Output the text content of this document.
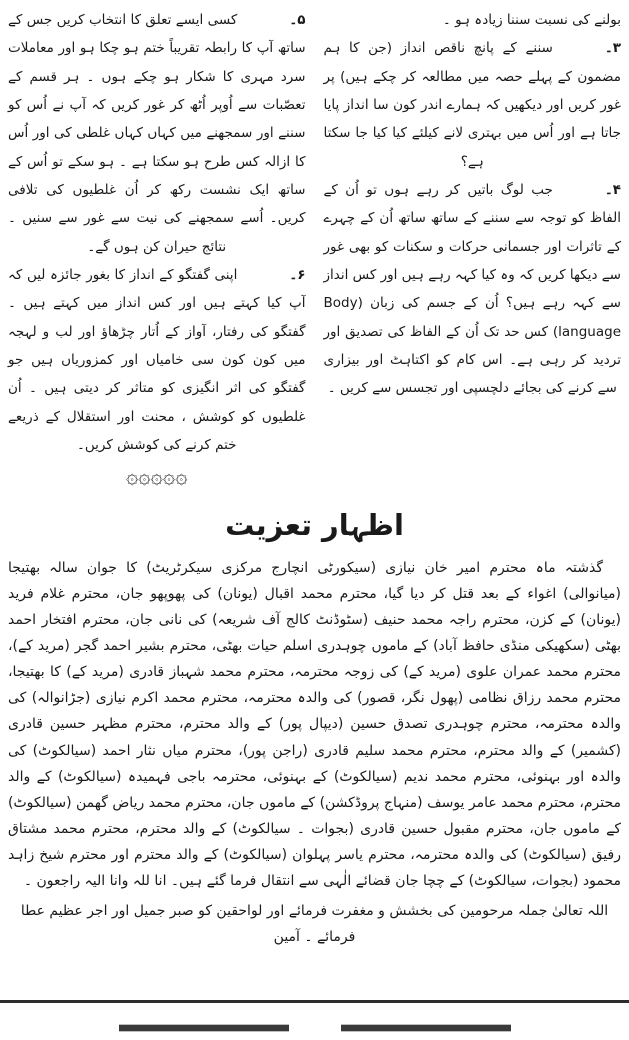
بولنے کی نسبت سننا زیادہ ہو ۔

۳۔سننے کے پانچ ناقص انداز (جن کا ہم مضمون کے پہلے حصہ میں مطالعہ کر چکے ہیں) پر غور کریں اور دیکھیں کہ ہمارے اندر کون سا انداز پایا جاتا ہے اور اُس میں بہتری لانے کیلئے کیا کیا جا سکتا ہے؟

۴۔جب لوگ باتیں کر رہے ہوں تو اُن کے الفاظ کو توجہ سے سننے کے ساتھ ساتھ اُن کے چہرے کے تاثرات اور جسمانی حرکات و سکنات کو بھی غور سے دیکھا کریں کہ وہ کیا کہہ رہے ہیں اور کس انداز سے کہہ رہے ہیں؟ اُن کے جسم کی زبان (Body language) کس حد تک اُن کے الفاظ کی تصدیق اور تردید کر رہی ہے۔ اس کام کو اکتاہٹ اور بیزاری سے کرنے کی بجائے دلچسپی اور تجسس سے کریں ۔

۵۔کسی ایسے تعلق کا انتخاب کریں جس کے ساتھ آپ کا رابطہ تقریباً ختم ہو چکا ہو اور معاملات سرد مہری کا شکار ہو چکے ہوں ۔ ہر قسم کے تعصّبات سے اُوپر اُٹھ کر غور کریں کہ آپ نے اُس کو سننے اور سمجھنے میں کہاں کہاں غلطی کی اور اُس کا ازالہ کس طرح ہو سکتا ہے ۔ ہو سکے تو اُس کے ساتھ ایک نشست رکھ کر اُن غلطیوں کی تلافی کریں۔ اُسے سمجھنے کی نیت سے غور سے سنیں ۔ نتائج حیران کن ہوں گے۔

۶۔اپنی گفتگو کے انداز کا بغور جائزہ لیں کہ آپ کیا کہتے ہیں اور کس انداز میں کہتے ہیں ۔ گفتگو کی رفتار، آواز کے اُتار چڑھاؤ اور لب و لہجہ میں کون کون سی خامیاں اور کمزوریاں ہیں جو گفتگو کی اثر انگیزی کو متاثر کر دیتی ہیں ۔ اُن غلطیوں کو کوشش ، محنت اور استقلال کے ذریعے ختم کرنے کی کوشش کریں۔

۞۞۞۞۞
اظہار تعزیت

گذشتہ ماہ محترم امیر خان نیازی (سیکورٹی انچارج مرکزی سیکرٹریٹ) کا جوان سالہ بھتیجا (میانوالی) اغواء کے بعد قتل کر دیا گیا، محترم محمد اقبال (یونان) کی پھوپھو جان، محترم غلام فرید (یونان) کے کزن، محترم راجہ محمد حنیف (سٹوڈنٹ کالج آف شریعہ) کی نانی جان، محترم افتخار احمد بھٹی (سکھیکی منڈی حافظ آباد) کے ماموں چوہدری اسلم حیات بھٹی، محترم بشیر احمد گجر (مرید کے)، محترم محمد عمران علوی (مرید کے) کی زوجہ محترمہ، محترم محمد شہباز قادری (مرید کے) کا بھتیجا، محترم محمد رزاق نظامی (پھول نگر، قصور) کی والدہ محترمہ، محترم محمد اکرم نیازی (جڑانوالہ) کی والدہ محترمہ، محترم چوہدری تصدق حسین (دیپال پور) کے والد محترم، محترم مظہر حسین قادری (کشمیر) کے والد محترم، محترم محمد سلیم قادری (راجن پور)، محترم میاں نثار احمد (سیالکوٹ) کی والدہ اور بہنوئی، محترم محمد ندیم (سیالکوٹ) کے بہنوئی، محترمہ باجی فہمیدہ (سیالکوٹ) کے والد محترم، محترم محمد عامر یوسف (منہاج پروڈکشن) کے ماموں جان، محترم محمد ریاض گھمن (سیالکوٹ) کے ماموں جان، محترم مقبول حسین قادری (بجوات ۔ سیالکوٹ) کے والد محترم، محترم محمد مشتاق رفیق (سیالکوٹ) کی والدہ محترمہ، محترم یاسر پہلوان (سیالکوٹ) کے والد محترم اور محترم شیخ زاہد محمود (بجوات، سیالکوٹ) کے چچا جان قضائے الٰہی سے انتقال فرما گئے ہیں۔ انا للہ وانا الیہ راجعون ۔

اللہ تعالیٰ جملہ مرحومین کی بخشش و مغفرت فرمائے اور لواحقین کو صبر جمیل اور اجر عظیم عطا فرمائے ۔ آمین
